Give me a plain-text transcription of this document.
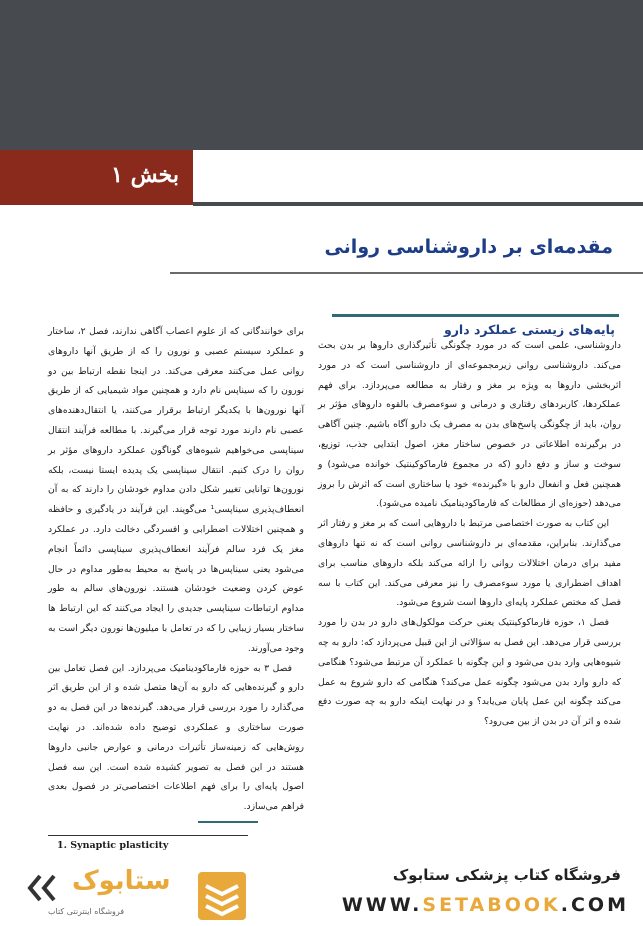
بخش ۱
مقدمه‌ای بر داروشناسی روانی
پایه‌های زیستی عملکرد دارو

داروشناسی، علمی است که در مورد چگونگی تأثیرگذاری داروها بر بدن بحث می‌کند. داروشناسی روانی زیرمجموعه‌ای از داروشناسی است که در مورد اثربخشی داروها به ویژه بر مغز و رفتار به مطالعه می‌پردازد. برای فهم عملکرد‌ها، کاربرد‌های رفتاری و درمانی و سوءمصرف بالقوه داروهای مؤثر بر روان، باید از چگونگی پاسخ‌های بدن به مصرف یک دارو آگاه باشیم. چنین آگاهی در برگیرنده اطلاعاتی در خصوص ساختار مغز، اصول ابتدایی جذب، توزیع، سوخت و ساز و دفع دارو (که در مجموع فارماکوکینتیک خوانده می‌شود) و همچنین فعل و انفعال دارو با «گیرنده» خود یا ساختاری است که اثرش را بروز می‌دهد (حوزه‌ای از مطالعات که فارماکودینامیک نامیده می‌شود).

این کتاب به صورت اختصاصی مرتبط با داروهایی است که بر مغز و رفتار اثر می‌گذارند. بنابراین، مقدمه‌ای بر داروشناسی روانی است که نه تنها داروهای مفید برای درمان اختلالات روانی را ارائه می‌کند بلکه داروهای مناسب برای اهداف اضطراری یا مورد سوءمصرف را نیز معرفی می‌کند. این کتاب با سه فصل که مختص عملکرد پایه‌ای داروها است شروع می‌شود.

فصل ۱، حوزه فارماکوکینتیک یعنی حرکت مولکول‌های دارو در بدن را مورد بررسی قرار می‌دهد. این فصل به سؤالاتی از این قبیل می‌پردازد که: دارو به چه شیوه‌هایی وارد بدن می‌شود و این چگونه با عملکرد آن مرتبط می‌شود؟ هنگامی که دارو وارد بدن می‌شود چگونه عمل می‌کند؟ هنگامی که دارو شروع به عمل می‌کند چگونه این عمل پایان می‌یابد؟ و در نهایت اینکه دارو به چه صورت دفع شده و اثر آن در بدن از بین می‌رود؟

برای خوانندگانی که از علوم اعصاب آگاهی ندارند، فصل ۲، ساختار و عملکرد سیستم عصبی و نورون را که از طریق آنها داروهای روانی عمل می‌کنند معرفی می‌کند. در اینجا نقطه ارتباط بین دو نورون را که سیناپس نام دارد و همچنین مواد شیمیایی که از طریق آنها نورون‌ها با یکدیگر ارتباط برقرار می‌کنند، یا انتقال‌دهنده‌های عصبی نام دارند مورد توجه قرار می‌گیرند. با مطالعه فرآیند انتقال سیناپسی می‌خواهیم شیوه‌های گوناگون عملکرد داروهای مؤثر بر روان را درک کنیم. انتقال سیناپسی یک پدیده ایستا نیست، بلکه نورون‌ها توانایی تغییر شکل دادن مداوم خودشان را دارند که به آن انعطاف‌پذیری سیناپسی¹ می‌گویند. این فرآیند در یادگیری و حافظه و همچنین اختلالات اضطرابی و افسردگی دخالت دارد. در عملکرد مغز یک فرد سالم فرآیند انعطاف‌پذیری سیناپسی دائماً انجام می‌شود یعنی سیناپس‌ها در پاسخ به محیط به‌طور مداوم در حال عوض کردن وضعیت خودشان هستند. نورون‌های سالم به طور مداوم ارتباطات سیناپسی جدیدی را ایجاد می‌کنند که این ارتباط ها ساختار بسیار زیبایی را که در تعامل با میلیون‌ها نورون دیگر است به وجود می‌آورند.

فصل ۳ به حوزه فارماکودینامیک می‌پردازد. این فصل تعامل بین دارو و گیرنده‌هایی که دارو به آن‌ها متصل شده و از این طریق اثر می‌گذارد را مورد بررسی قرار می‌دهد. گیرنده‌ها در این فصل به دو صورت ساختاری و عملکردی توضیح داده شده‌اند. در نهایت روش‌هایی که زمینه‌ساز تأثیرات درمانی و عوارض جانبی داروها هستند در این فصل به تصویر کشیده شده است. این سه فصل اصول پایه‌ای را برای فهم اطلاعات اختصاصی‌تر در فصول بعدی فراهم می‌سازد.

1. Synaptic plasticity
فروشگاه کتاب پزشکی ستابوک
WWW.SETABOOK.COM
ستابوک
فروشگاه اینترنتی کتاب
